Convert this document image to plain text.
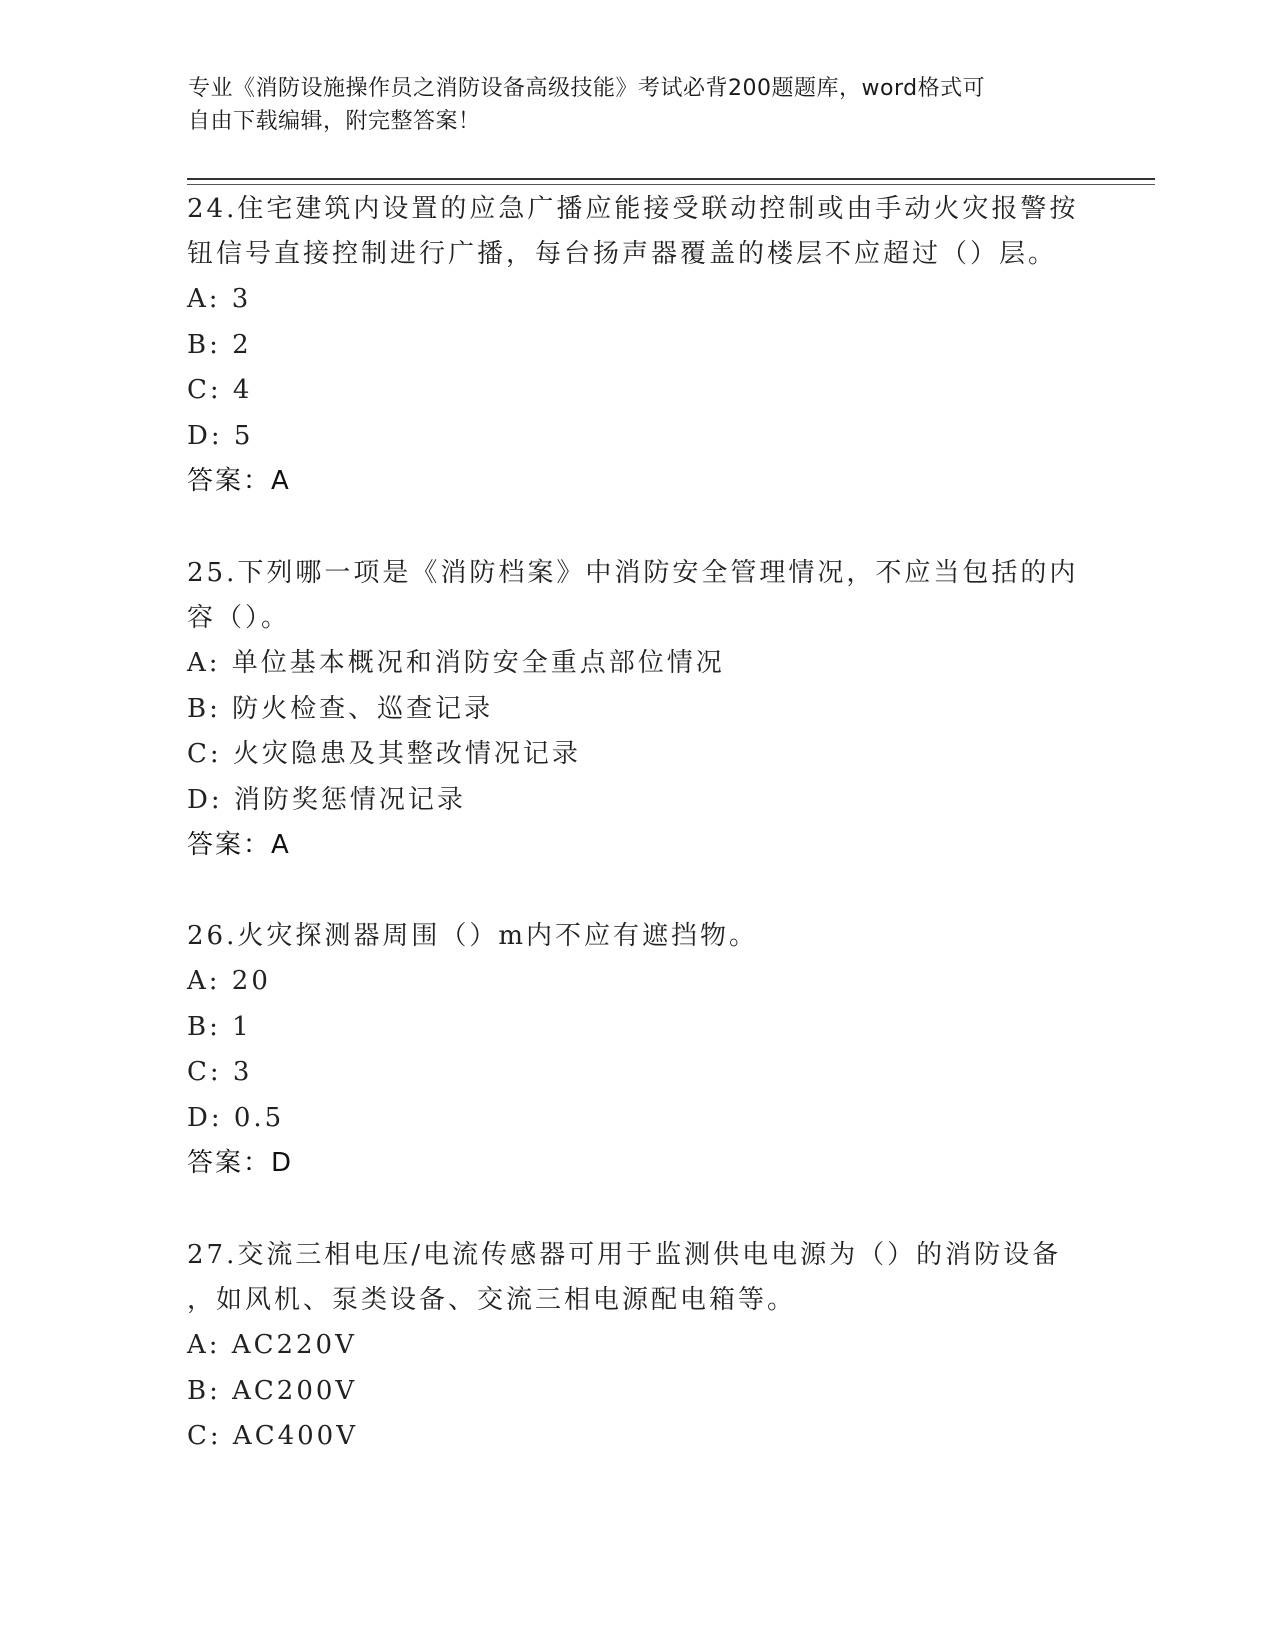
专业《消防设施操作员之消防设备高级技能》考试必背200题题库，word格式可
自由下载编辑，附完整答案！
24.住宅建筑内设置的应急广播应能接受联动控制或由手动火灾报警按
钮信号直接控制进行广播，每台扬声器覆盖的楼层不应超过（）层。
A: 3
B: 2
C: 4
D: 5
答案：A
25.下列哪一项是《消防档案》中消防安全管理情况，不应当包括的内
容（）。
A: 单位基本概况和消防安全重点部位情况
B: 防火检查、巡查记录
C: 火灾隐患及其整改情况记录
D: 消防奖惩情况记录
答案：A
26.火灾探测器周围（）m内不应有遮挡物。
A: 20
B: 1
C: 3
D: 0.5
答案：D
27.交流三相电压/电流传感器可用于监测供电电源为（）的消防设备
，如风机、泵类设备、交流三相电源配电箱等。
A: AC220V
B: AC200V
C: AC400V
